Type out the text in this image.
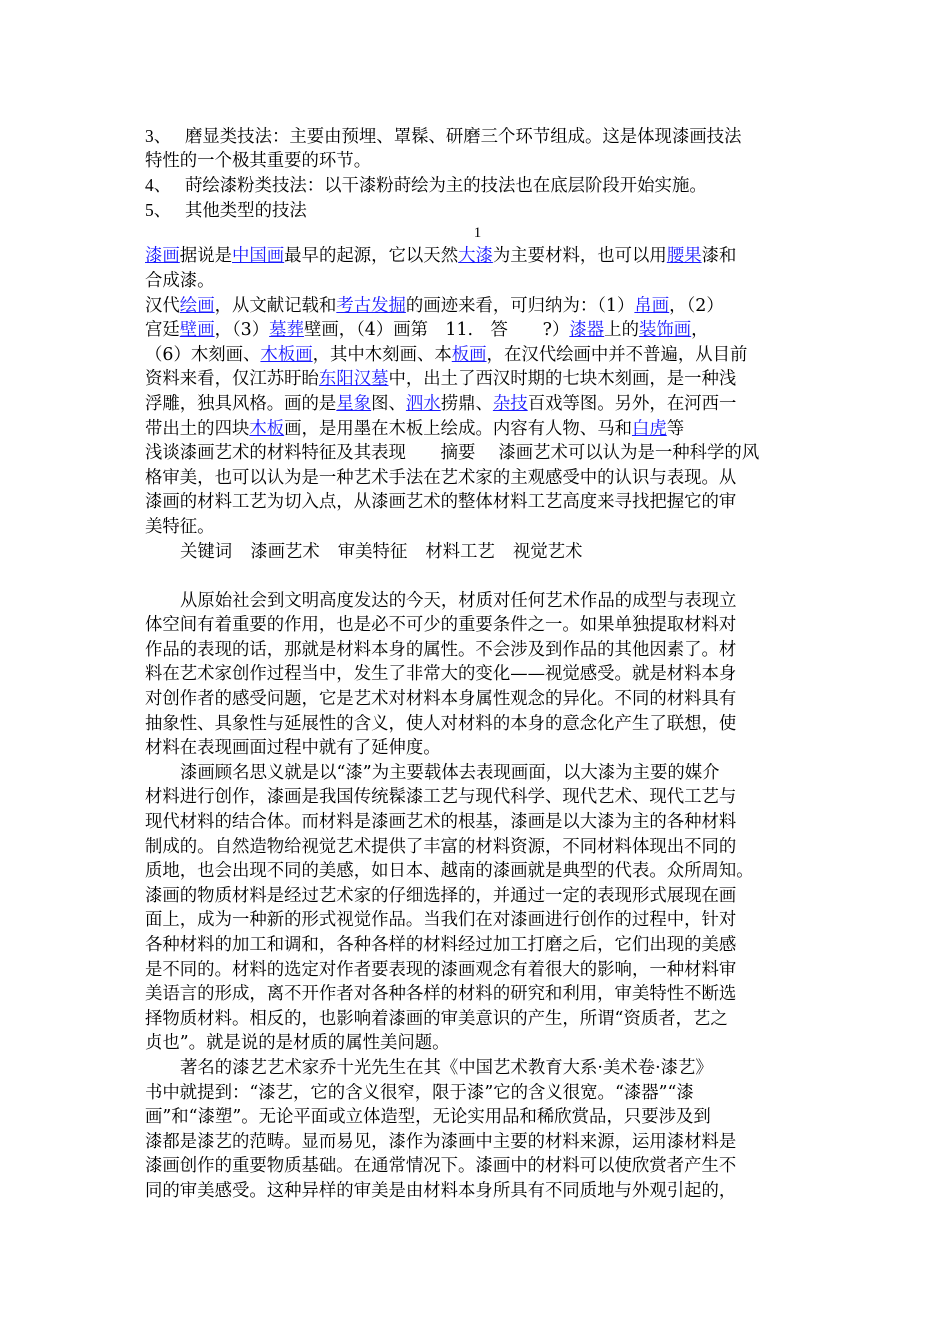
3、 磨显类技法：主要由预埋、罩髹、研磨三个环节组成。这是体现漆画技法
特性的一个极其重要的环节。
4、 莳绘漆粉类技法：以干漆粉莳绘为主的技法也在底层阶段开始实施。
5、 其他类型的技法
1
漆画据说是中国画最早的起源，它以天然大漆为主要材料，也可以用腰果漆和
合成漆。
汉代绘画，从文献记载和考古发掘的画迹来看，可归纳为：（1）帛画，（2）
宫廷壁画，（3）墓葬壁画，（4）画第　11.　答　　?）漆器上的装饰画，
（6）木刻画、木板画，其中木刻画、本板画，在汉代绘画中并不普遍，从目前
资料来看，仅江苏盱眙东阳汉墓中，出土了西汉时期的七块木刻画，是一种浅
浮雕，独具风格。画的是星象图、泗水捞鼎、杂技百戏等图。另外，在河西一
带出土的四块木板画，是用墨在木板上绘成。内容有人物、马和白虎等
浅谈漆画艺术的材料特征及其表现　　摘要　 漆画艺术可以认为是一种科学的风
格审美，也可以认为是一种艺术手法在艺术家的主观感受中的认识与表现。从
漆画的材料工艺为切入点，从漆画艺术的整体材料工艺高度来寻找把握它的审
美特征。
关键词 漆画艺术 审美特征 材料工艺 视觉艺术
从原始社会到文明高度发达的今天，材质对任何艺术作品的成型与表现立
体空间有着重要的作用，也是必不可少的重要条件之一。如果单独提取材料对
作品的表现的话，那就是材料本身的属性。不会涉及到作品的其他因素了。材
料在艺术家创作过程当中，发生了非常大的变化——视觉感受。就是材料本身
对创作者的感受问题，它是艺术对材料本身属性观念的异化。不同的材料具有
抽象性、具象性与延展性的含义，使人对材料的本身的意念化产生了联想，使
材料在表现画面过程中就有了延伸度。
漆画顾名思义就是以“漆”为主要载体去表现画面，以大漆为主要的媒介
材料进行创作，漆画是我国传统髹漆工艺与现代科学、现代艺术、现代工艺与
现代材料的结合体。而材料是漆画艺术的根基，漆画是以大漆为主的各种材料
制成的。自然造物给视觉艺术提供了丰富的材料资源，不同材料体现出不同的
质地，也会出现不同的美感，如日本、越南的漆画就是典型的代表。众所周知。
漆画的物质材料是经过艺术家的仔细选择的，并通过一定的表现形式展现在画
面上，成为一种新的形式视觉作品。当我们在对漆画进行创作的过程中，针对
各种材料的加工和调和，各种各样的材料经过加工打磨之后，它们出现的美感
是不同的。材料的选定对作者要表现的漆画观念有着很大的影响，一种材料审
美语言的形成，离不开作者对各种各样的材料的研究和利用，审美特性不断选
择物质材料。相反的，也影响着漆画的审美意识的产生，所谓“资质者，艺之
贞也”。就是说的是材质的属性美问题。
著名的漆艺艺术家乔十光先生在其《中国艺术教育大系·美术卷·漆艺》
书中就提到：“漆艺，它的含义很窄，限于漆”它的含义很宽。“漆器”“漆
画”和“漆塑”。无论平面或立体造型，无论实用品和稀欣赏品，只要涉及到
漆都是漆艺的范畴。显而易见，漆作为漆画中主要的材料来源，运用漆材料是
漆画创作的重要物质基础。在通常情况下。漆画中的材料可以使欣赏者产生不
同的审美感受。这种异样的审美是由材料本身所具有不同质地与外观引起的，
